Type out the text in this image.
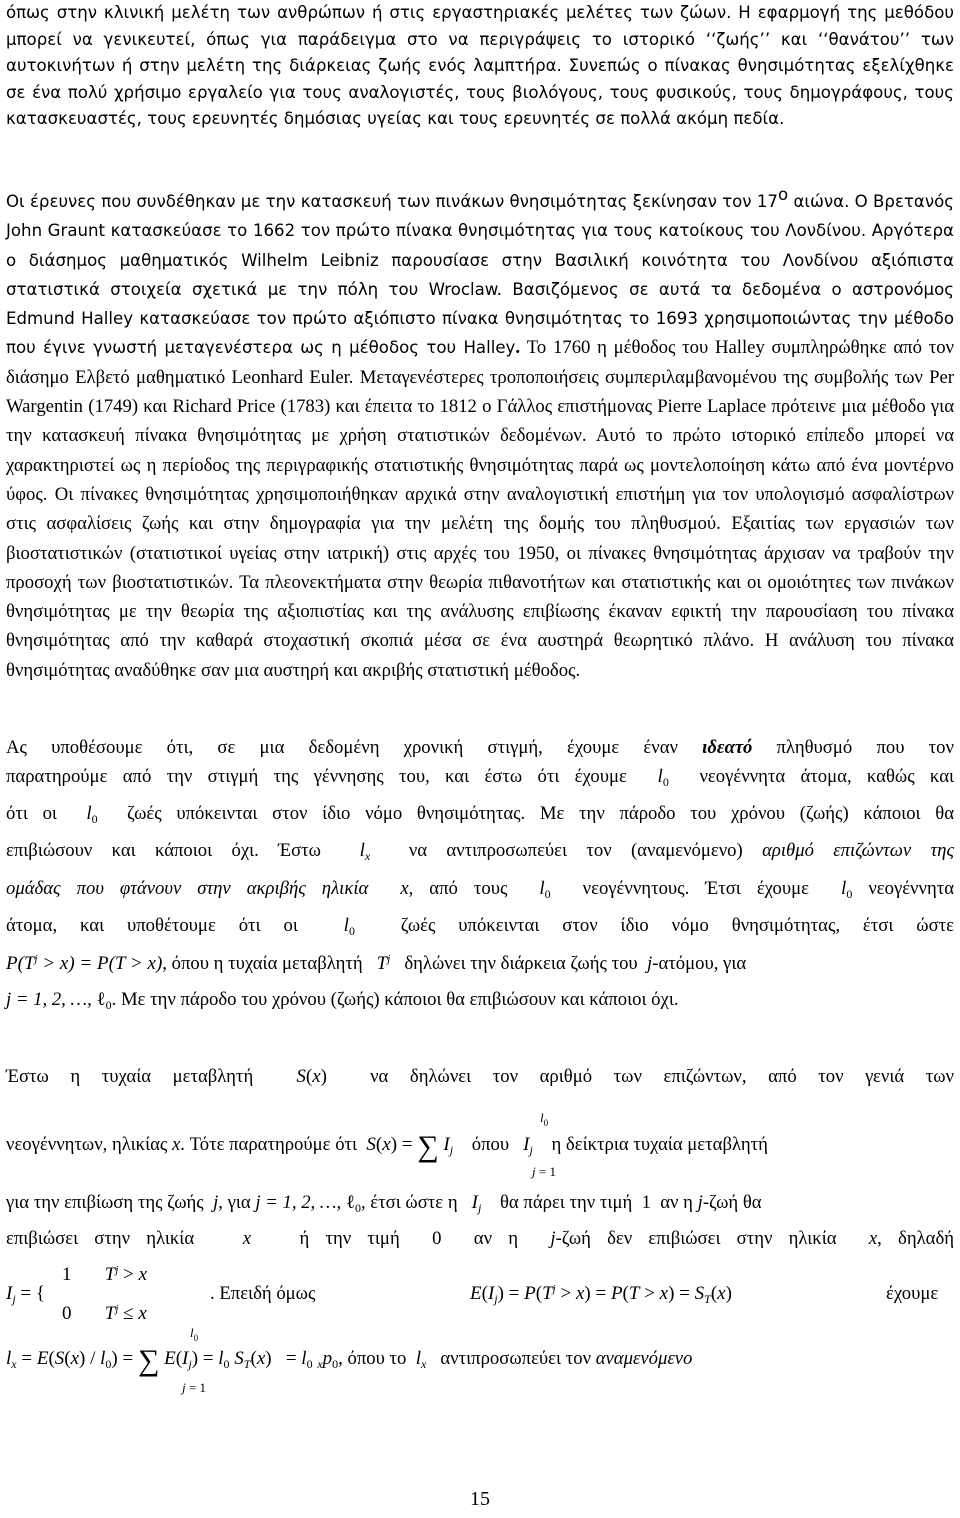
όπως στην κλινική μελέτη των ανθρώπων ή στις εργαστηριακές μελέτες των ζώων. Η εφαρμογή της μεθόδου μπορεί να γενικευτεί, όπως για παράδειγμα στο να περιγράψεις το ιστορικό ‘‘ζωής’’ και ‘‘θανάτου’’ των αυτοκινήτων ή στην μελέτη της διάρκειας ζωής ενός λαμπτήρα. Συνεπώς ο πίνακας θνησιμότητας εξελίχθηκε σε ένα πολύ χρήσιμο εργαλείο για τους αναλογιστές, τους βιολόγους, τους φυσικούς, τους δημογράφους, τους κατασκευαστές, τους ερευνητές δημόσιας υγείας και τους ερευνητές σε πολλά ακόμη πεδία.

Οι έρευνες που συνδέθηκαν με την κατασκευή των πινάκων θνησιμότητας ξεκίνησαν τον $17^o$ αιώνα. Ο Βρετανός John Graunt κατασκεύασε το 1662 τον πρώτο πίνακα θνησιμότητας για τους κατοίκους του Λονδίνου. Αργότερα ο διάσημος μαθηματικός Wilhelm Leibniz παρουσίασε στην Βασιλική κοινότητα του Λονδίνου αξιόπιστα στατιστικά στοιχεία σχετικά με την πόλη του Wroclaw. Βασιζόμενος σε αυτά τα δεδομένα ο αστρονόμος Edmund Halley κατασκεύασε τον πρώτο αξιόπιστο πίνακα θνησιμότητας το 1693 χρησιμοποιώντας την μέθοδο που έγινε γνωστή μεταγενέστερα ως η μέθοδος του Halley. Το 1760 η μέθοδος του Halley συμπληρώθηκε από τον διάσημο Ελβετό μαθηματικό Leonhard Euler. Μεταγενέστερες τροποποιήσεις συμπεριλαμβανομένου της συμβολής των Per Wargentin (1749) και Richard Price (1783) και έπειτα το 1812 ο Γάλλος επιστήμονας Pierre Laplace πρότεινε μια μέθοδο για την κατασκευή πίνακα θνησιμότητας με χρήση στατιστικών δεδομένων. Αυτό το πρώτο ιστορικό επίπεδο μπορεί να χαρακτηριστεί ως η περίοδος της περιγραφικής στατιστικής θνησιμότητας παρά ως μοντελοποίηση κάτω από ένα μοντέρνο ύφος. Οι πίνακες θνησιμότητας χρησιμοποιήθηκαν αρχικά στην αναλογιστική επιστήμη για τον υπολογισμό ασφαλίστρων στις ασφαλίσεις ζωής και στην δημογραφία για την μελέτη της δομής του πληθυσμού. Εξαιτίας των εργασιών των βιοστατιστικών (στατιστικοί υγείας στην ιατρική) στις αρχές του 1950, οι πίνακες θνησιμότητας άρχισαν να τραβούν την προσοχή των βιοστατιστικών. Τα πλεονεκτήματα στην θεωρία πιθανοτήτων και στατιστικής και οι ομοιότητες των πινάκων θνησιμότητας με την θεωρία της αξιοπιστίας και της ανάλυσης επιβίωσης έκαναν εφικτή την παρουσίαση του πίνακα θνησιμότητας από την καθαρά στοχαστική σκοπιά μέσα σε ένα αυστηρά θεωρητικό πλάνο. Η ανάλυση του πίνακα θνησιμότητας αναδύθηκε σαν μια αυστηρή και ακριβής στατιστική μέθοδος.

Ας υποθέσουμε ότι, σε μια δεδομένη χρονική στιγμή, έχουμε έναν ιδεατό πληθυσμό που τον
παρατηρούμε από την στιγμή της γέννησης του, και έστω ότι έχουμε $l_0$ νεογέννητα άτομα, καθώς και
ότι οι $l_0$ ζωές υπόκεινται στον ίδιο νόμο θνησιμότητας. Με την πάροδο του χρόνου (ζωής) κάποιοι θα
επιβιώσουν και κάποιοι όχι. Έστω $l_x$ να αντιπροσωπεύει τον (αναμενόμενο) αριθμό επιζώντων της
ομάδας που φτάνουν στην ακριβής ηλικία x, από τους $l_0$ νεογέννητους. Έτσι έχουμε $l_0$ νεογέννητα
άτομα, και υποθέτουμε ότι οι $l_0$ ζωές υπόκεινται στον ίδιο νόμο θνησιμότητας, έτσι ώστε
$P(T^j > x) = P(T > x)$, όπου η τυχαία μεταβλητή $T^j$ δηλώνει την διάρκεια ζωής του j-ατόμου, για
j = 1, 2, …, ℓ$_0$. Με την πάροδο του χρόνου (ζωής) κάποιοι θα επιβιώσουν και κάποιοι όχι.
Έστω η τυχαία μεταβλητή S(x) να δηλώνει τον αριθμό των επιζώντων, από τον γενιά των
$l_0$
νεογέννητων, ηλικίας x. Τότε παρατηρούμε ότι S(x) = ∑ $I_j$ όπου $I_j$ η δείκτρια τυχαία μεταβλητή
j = 1
για την επιβίωση της ζωής j, για j = 1, 2, …, ℓ$_0$, έτσι ώστε η $I_j$ θα πάρει την τιμή 1 αν η j-ζωή θα
επιβιώσει στην ηλικία	x	ή την τιμή 0 αν η j-ζωή δεν επιβιώσει στην ηλικία x, δηλαδή
1       $T^j > x$
$I_j$ = {
0       $T^j \le x$
. Επειδή όμως	$E(I_j) = P(T^j > x) = P(T > x) = S_T(x)$	έχουμε
$l_0$
$l_x = E(S(x) / l_0)$ = ∑ $E(I_j) = l_0$ $S_T(x) = l_0$ $_xp_0$, όπου το $l_x$ αντιπροσωπεύει τον αναμενόμενο
j = 1
15
